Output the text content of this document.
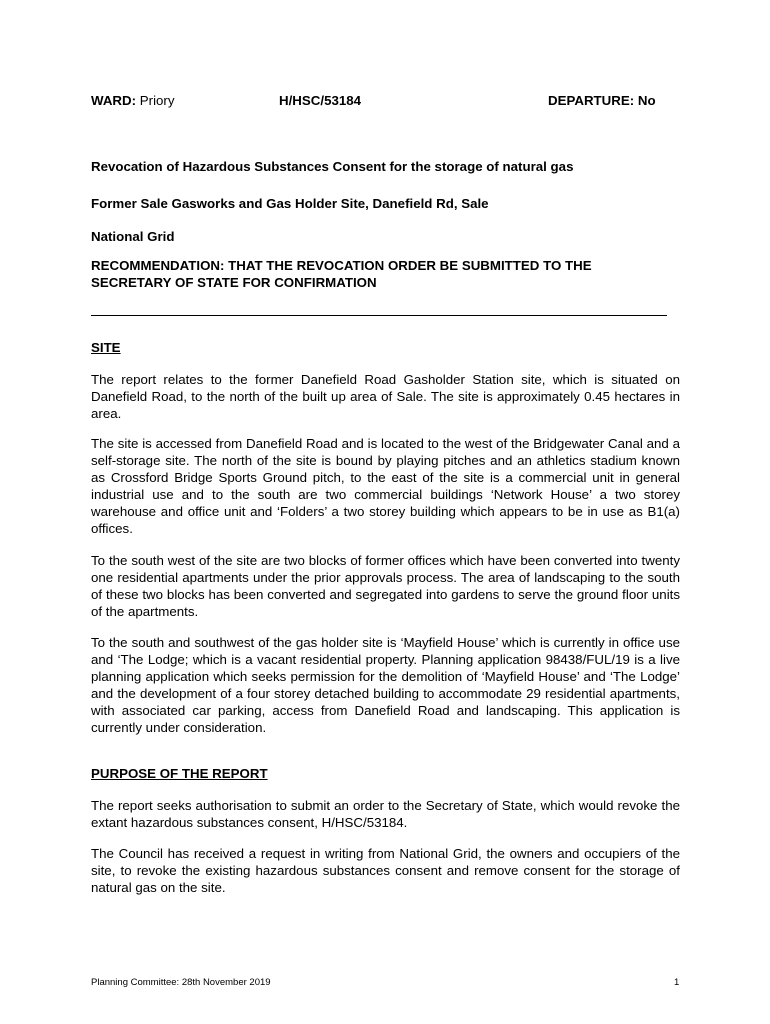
WARD: Priory	H/HSC/53184	DEPARTURE: No
Revocation of Hazardous Substances Consent for the storage of natural gas
Former Sale Gasworks and Gas Holder Site, Danefield Rd, Sale
National Grid
RECOMMENDATION: THAT THE REVOCATION ORDER BE SUBMITTED TO THE SECRETARY OF STATE FOR CONFIRMATION
SITE
The report relates to the former Danefield Road Gasholder Station site, which is situated on Danefield Road, to the north of the built up area of Sale. The site is approximately 0.45 hectares in area.
The site is accessed from Danefield Road and is located to the west of the Bridgewater Canal and a self-storage site. The north of the site is bound by playing pitches and an athletics stadium known as Crossford Bridge Sports Ground pitch, to the east of the site is a commercial unit in general industrial use and to the south are two commercial buildings ‘Network House’ a two storey warehouse and office unit and ‘Folders’ a two storey building which appears to be in use as B1(a) offices.
To the south west of the site are two blocks of former offices which have been converted into twenty one residential apartments under the prior approvals process. The area of landscaping to the south of these two blocks has been converted and segregated into gardens to serve the ground floor units of the apartments.
To the south and southwest of the gas holder site is ‘Mayfield House’ which is currently in office use and ‘The Lodge; which is a vacant residential property. Planning application 98438/FUL/19 is a live planning application which seeks permission for the demolition of ‘Mayfield House’ and ‘The Lodge’ and the development of a four storey detached building to accommodate 29 residential apartments, with associated car parking, access from Danefield Road and landscaping. This application is currently under consideration.
PURPOSE OF THE REPORT
The report seeks authorisation to submit an order to the Secretary of State, which would revoke the extant hazardous substances consent, H/HSC/53184.
The Council has received a request in writing from National Grid, the owners and occupiers of the site, to revoke the existing hazardous substances consent and remove consent for the storage of natural gas on the site.
Planning Committee: 28th November 2019	1
